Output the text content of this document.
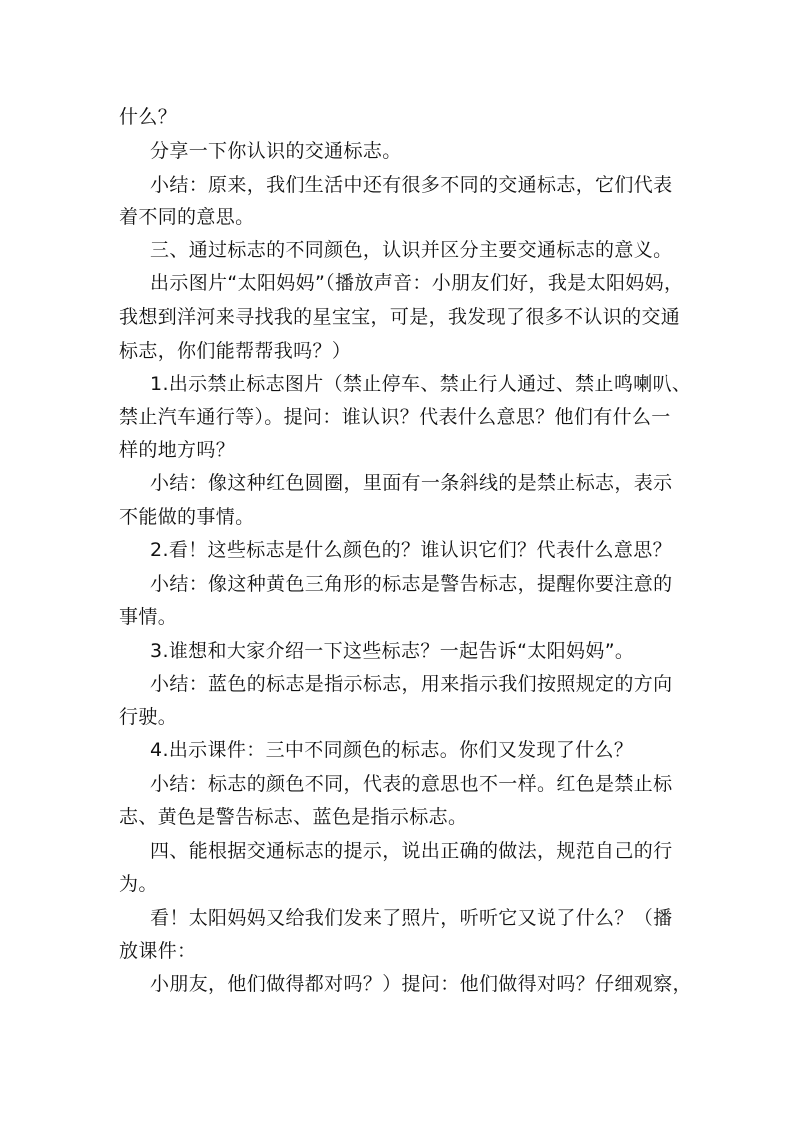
什么？
分享一下你认识的交通标志。
小结：原来，我们生活中还有很多不同的交通标志，它们代表
着不同的意思。
三、通过标志的不同颜色，认识并区分主要交通标志的意义。
出示图片“太阳妈妈”（播放声音：小朋友们好，我是太阳妈妈，
我想到洋河来寻找我的星宝宝，可是，我发现了很多不认识的交通
标志，你们能帮帮我吗？）
1.出示禁止标志图片（禁止停车、禁止行人通过、禁止鸣喇叭、
禁止汽车通行等）。提问：谁认识？代表什么意思？他们有什么一
样的地方吗？
小结：像这种红色圆圈，里面有一条斜线的是禁止标志，表示
不能做的事情。
2.看！这些标志是什么颜色的？谁认识它们？代表什么意思？
小结：像这种黄色三角形的标志是警告标志，提醒你要注意的
事情。
3.谁想和大家介绍一下这些标志？一起告诉“太阳妈妈”。
小结：蓝色的标志是指示标志，用来指示我们按照规定的方向
行驶。
4.出示课件：三中不同颜色的标志。你们又发现了什么？
小结：标志的颜色不同，代表的意思也不一样。红色是禁止标
志、黄色是警告标志、蓝色是指示标志。
四、能根据交通标志的提示，说出正确的做法，规范自己的行
为。
看！太阳妈妈又给我们发来了照片，听听它又说了什么？（播
放课件：
小朋友，他们做得都对吗？）提问：他们做得对吗？仔细观察，
